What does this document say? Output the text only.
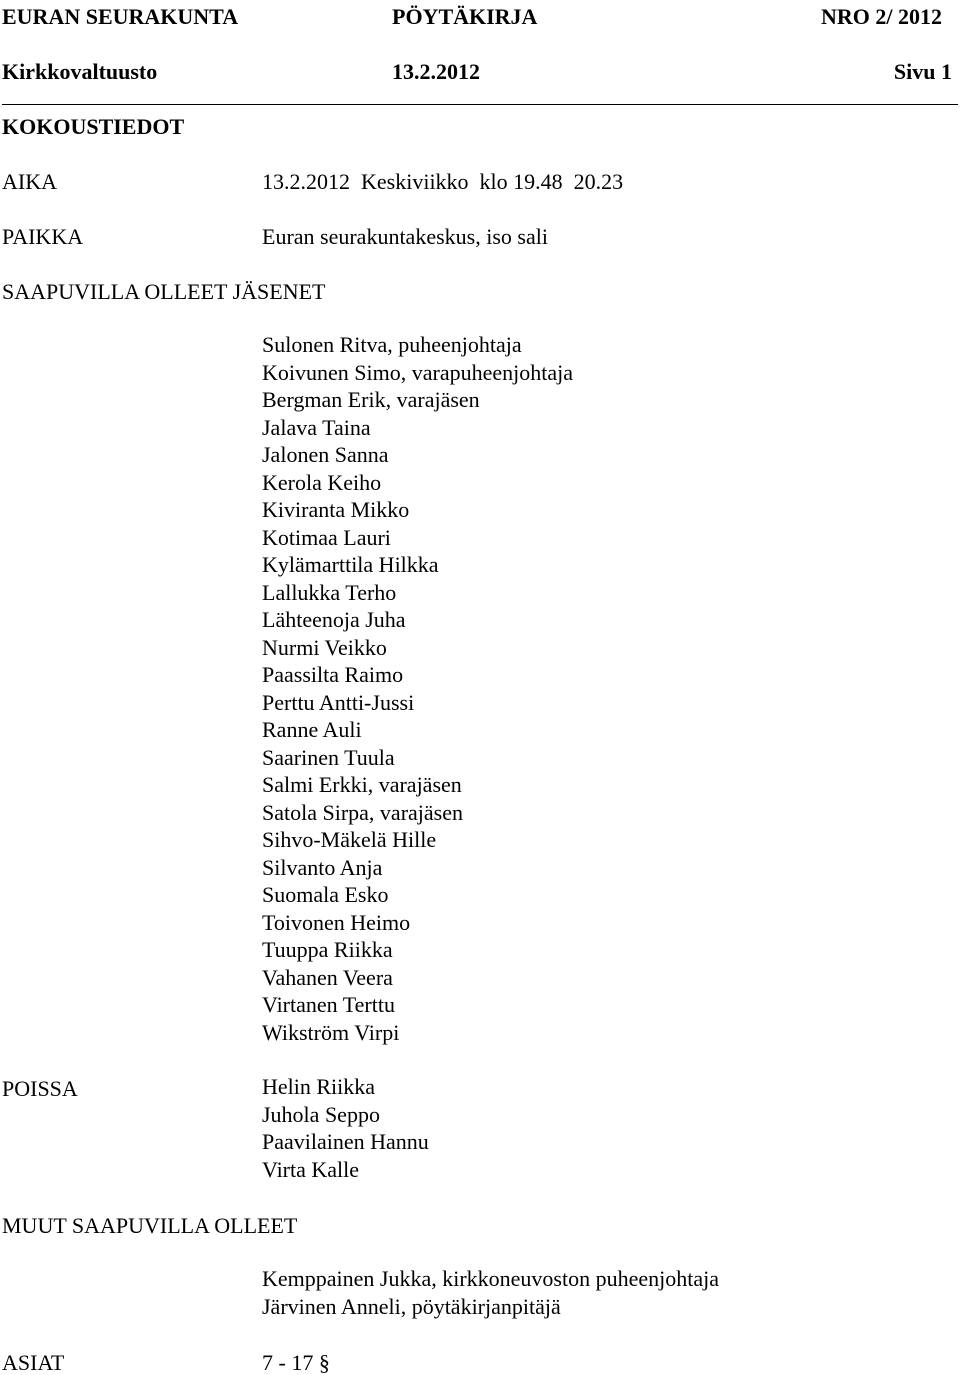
EURAN SEURAKUNTA	PÖYTÄKIRJA	NRO 2/ 2012
Kirkkovaltuusto	13.2.2012	Sivu 1
KOKOUSTIEDOT
AIKA	13.2.2012  Keskiviikko  klo 19.48  20.23
PAIKKA	Euran seurakuntakeskus, iso sali
SAAPUVILLA OLLEET JÄSENET
Sulonen Ritva, puheenjohtaja
Koivunen Simo, varapuheenjohtaja
Bergman Erik, varajäsen
Jalava Taina
Jalonen Sanna
Kerola Keiho
Kiviranta Mikko
Kotimaa Lauri
Kylämarttila Hilkka
Lallukka Terho
Lähteenoja Juha
Nurmi Veikko
Paassilta Raimo
Perttu Antti-Jussi
Ranne Auli
Saarinen Tuula
Salmi Erkki, varajäsen
Satola Sirpa, varajäsen
Sihvo-Mäkelä Hille
Silvanto Anja
Suomala Esko
Toivonen Heimo
Tuuppa Riikka
Vahanen Veera
Virtanen Terttu
Wikström Virpi
POISSA	Helin Riikka
Juhola Seppo
Paavilainen Hannu
Virta Kalle
MUUT SAAPUVILLA OLLEET
Kemppainen Jukka, kirkkoneuvoston puheenjohtaja
Järvinen Anneli, pöytäkirjanpitäjä
ASIAT	7 - 17 §
